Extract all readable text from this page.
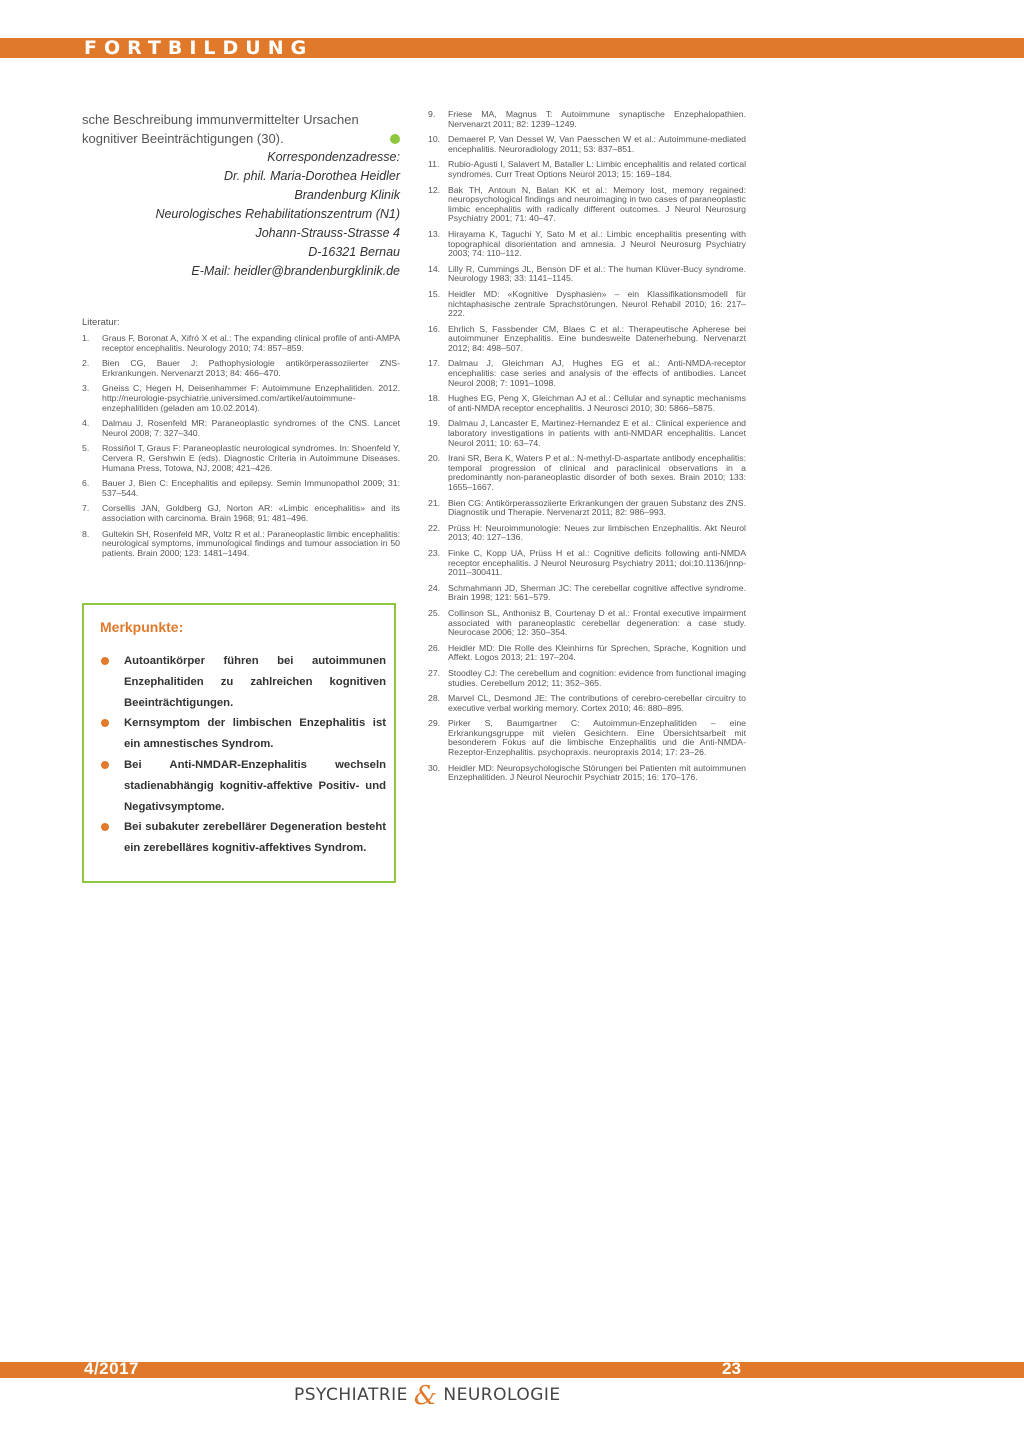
FORTBILDUNG

sche Beschreibung immunvermittelter Ursachen kognitiver Beeinträchtigungen (30).

Korrespondenzadresse:
Dr. phil. Maria-Dorothea Heidler
Brandenburg Klinik
Neurologisches Rehabilitationszentrum (N1)
Johann-Strauss-Strasse 4
D-16321 Bernau
E-Mail: heidler@brandenburgklinik.de
Literatur:
1.	Graus F, Boronat A, Xifró X et al.: The expanding clinical profile of anti-AMPA receptor encephalitis. Neurology 2010; 74: 857–859.
2.	Bien CG, Bauer J: Pathophysiologie antikörperassoziierter ZNS-Erkrankungen. Nervenarzt 2013; 84: 466–470.
3.	Gneiss C, Hegen H, Deisenhammer F: Autoimmune Enzephalitiden. 2012. http://neurologie-psychiatrie.universimed.com/artikel/autoimmune-enzephalitiden (geladen am 10.02.2014).
4.	Dalmau J, Rosenfeld MR: Paraneoplastic syndromes of the CNS. Lancet Neurol 2008; 7: 327–340.
5.	Rossiñol T, Graus F: Paraneoplastic neurological syndromes. In: Shoenfeld Y, Cervera R, Gershwin E (eds). Diagnostic Criteria in Autoimmune Diseases. Humana Press, Totowa, NJ, 2008; 421–426.
6.	Bauer J, Bien C: Encephalitis and epilepsy. Semin Immunopathol 2009; 31: 537–544.
7.	Corsellis JAN, Goldberg GJ, Norton AR: «Limbic encephalitis» and its association with carcinoma. Brain 1968; 91: 481–496.
8.	Gultekin SH, Rosenfeld MR, Voltz R et al.: Paraneoplastic limbic encephalitis: neurological symptoms, immunological findings and tumour association in 50 patients. Brain 2000; 123: 1481–1494.
9.	Friese MA, Magnus T: Autoimmune synaptische Enzephalopathien. Nervenarzt 2011; 82: 1239–1249.
10. Demaerel P, Van Dessel W, Van Paesschen W et al.: Autoimmune-mediated encephalitis. Neuroradiology 2011; 53: 837–851.
11. Rubio-Agusti I, Salavert M, Bataller L: Limbic encephalitis and related cortical syndromes. Curr Treat Options Neurol 2013; 15: 169–184.
12. Bak TH, Antoun N, Balan KK et al.: Memory lost, memory regained: neuropsychological findings and neuroimaging in two cases of paraneoplastic limbic encephalitis with radically different outcomes. J Neurol Neurosurg Psychiatry 2001; 71: 40–47.
13. Hirayama K, Taguchi Y, Sato M et al.: Limbic encephalitis presenting with topographical disorientation and amnesia. J Neurol Neurosurg Psychiatry 2003; 74: 110–112.
14. Lilly R, Cummings JL, Benson DF et al.: The human Klüver-Bucy syndrome. Neurology 1983; 33: 1141–1145.
15. Heidler MD: «Kognitive Dysphasien» – ein Klassifikationsmodell für nichtaphasische zentrale Sprachstörungen. Neurol Rehabil 2010; 16: 217–222.
16. Ehrlich S, Fassbender CM, Blaes C et al.: Therapeutische Apherese bei autoimmuner Enzephalitis. Eine bundesweite Datenerhebung. Nervenarzt 2012; 84: 498–507.
17. Dalmau J, Gleichman AJ, Hughes EG et al.: Anti-NMDA-receptor encephalitis: case series and analysis of the effects of antibodies. Lancet Neurol 2008; 7: 1091–1098.
18. Hughes EG, Peng X, Gleichman AJ et al.: Cellular and synaptic mechanisms of anti-NMDA receptor encephalitis. J Neurosci 2010; 30: 5866–5875.
19. Dalmau J, Lancaster E, Martinez-Hernandez E et al.: Clinical experience and laboratory investigations in patients with anti-NMDAR encephalitis. Lancet Neurol 2011; 10: 63–74.
20. Irani SR, Bera K, Waters P et al.: N-methyl-D-aspartate antibody encephalitis: temporal progression of clinical and paraclinical observations in a predominantly non-paraneoplastic disorder of both sexes. Brain 2010; 133: 1655–1667.
21. Bien CG: Antikörperassoziierte Erkrankungen der grauen Substanz des ZNS. Diagnostik und Therapie. Nervenarzt 2011; 82: 986–993.
22. Prüss H: Neuroimmunologie: Neues zur limbischen Enzephalitis. Akt Neurol 2013; 40: 127–136.
23. Finke C, Kopp UA, Prüss H et al.: Cognitive deficits following anti-NMDA receptor encephalitis. J Neurol Neurosurg Psychiatry 2011; doi:10.1136/jnnp-2011–300411.
24. Schmahmann JD, Sherman JC: The cerebellar cognitive affective syndrome. Brain 1998; 121: 561–579.
25. Collinson SL, Anthonisz B, Courtenay D et al.: Frontal executive impairment associated with paraneoplastic cerebellar degeneration: a case study. Neurocase 2006; 12: 350–354.
26. Heidler MD: Die Rolle des Kleinhirns für Sprechen, Sprache, Kognition und Affekt. Logos 2013; 21: 197–204.
27. Stoodley CJ: The cerebellum and cognition: evidence from functional imaging studies. Cerebellum 2012; 11: 352–365.
28. Marvel CL, Desmond JE: The contributions of cerebro-cerebellar circuitry to executive verbal working memory. Cortex 2010; 46: 880–895.
29. Pirker S, Baumgartner C: Autoimmun-Enzephalitiden – eine Erkrankungsgruppe mit vielen Gesichtern. Eine Übersichtsarbeit mit besonderem Fokus auf die limbische Enzephalitis und die Anti-NMDA-Rezeptor-Enzephalitis. psychopraxis. neuropraxis 2014; 17: 23–26.
30. Heidler MD: Neuropsychologische Störungen bei Patienten mit autoimmunen Enzephalitiden. J Neurol Neurochir Psychiatr 2015; 16: 170–176.
Merkpunkte:
Autoantikörper führen bei autoimmunen Enzephalitiden zu zahlreichen kognitiven Beeinträchtigungen.
Kernsymptom der limbischen Enzephalitis ist ein amnestisches Syndrom.
Bei Anti-NMDAR-Enzephalitis wechseln stadienabhängig kognitiv-affektive Positiv- und Negativsymptome.
Bei subakuter zerebellärer Degeneration besteht ein zerebelläres kognitiv-affektives Syndrom.
4/2017	23
PSYCHIATRIE & NEUROLOGIE
